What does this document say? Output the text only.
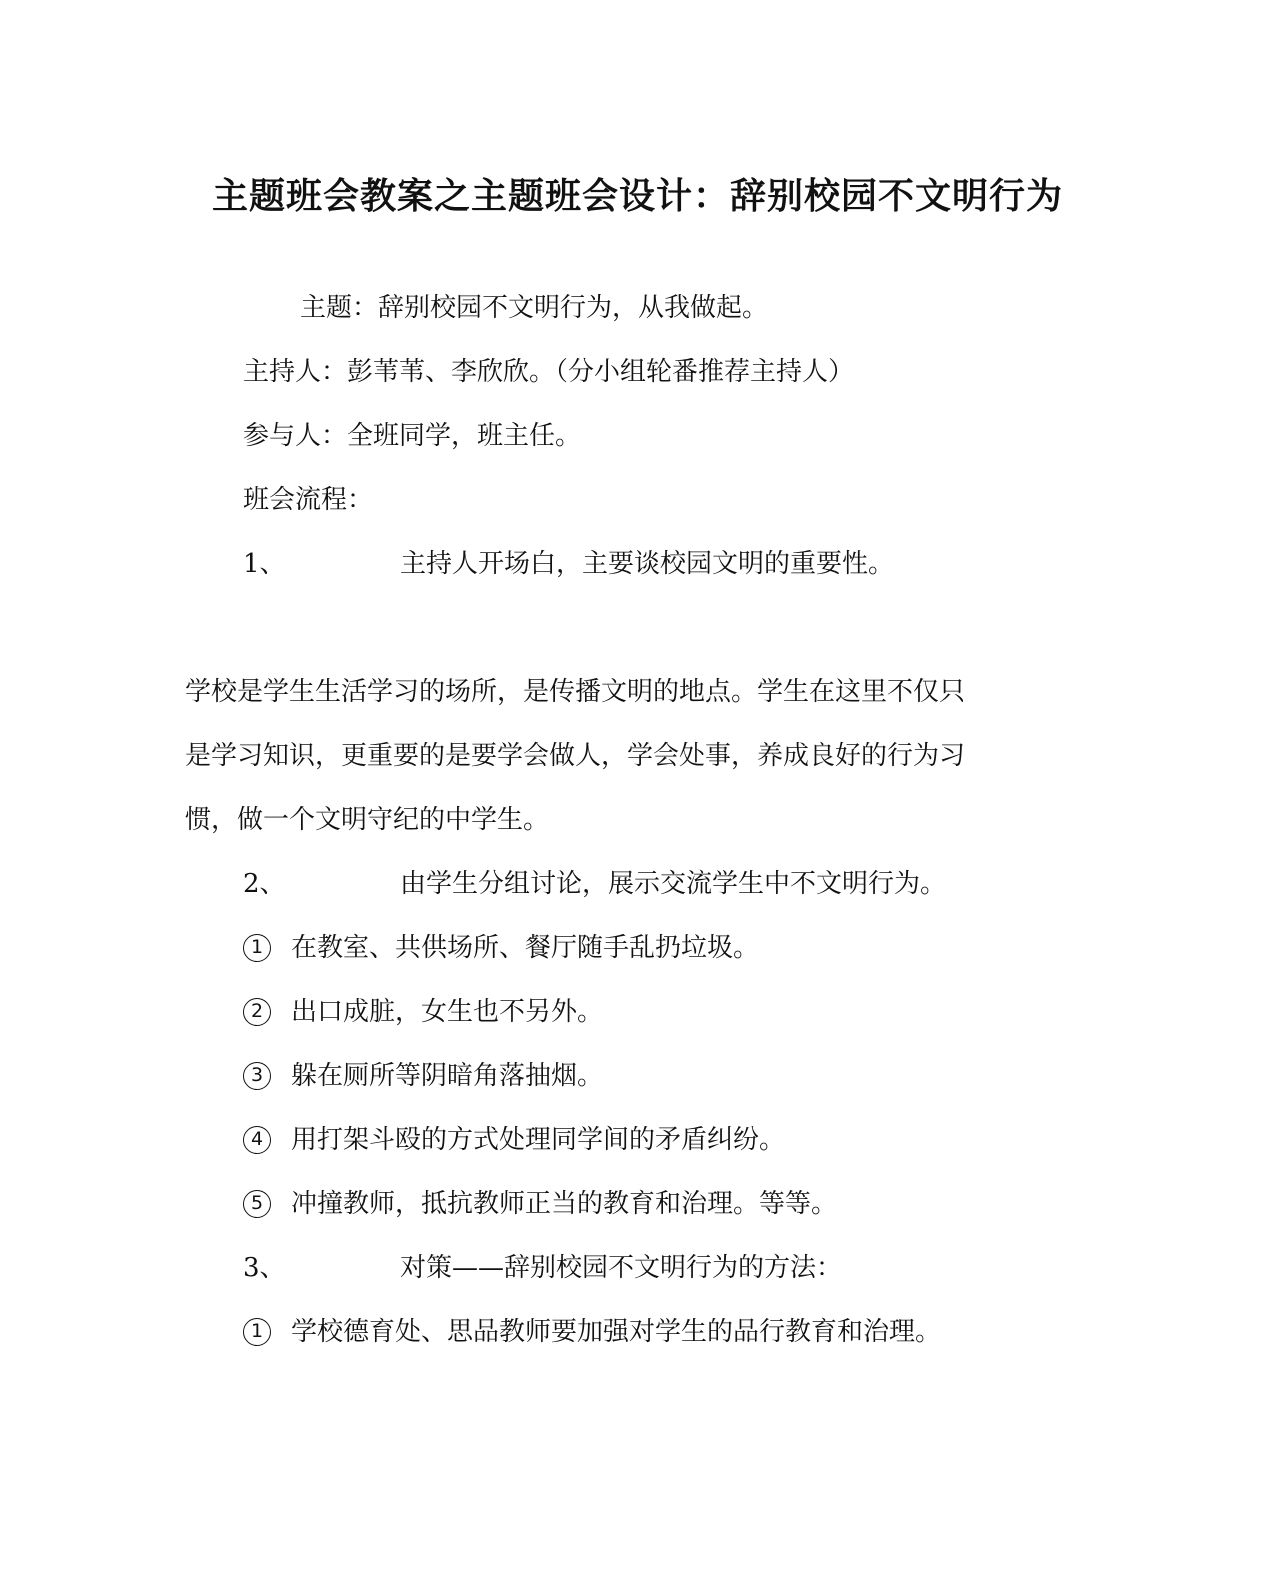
主题班会教案之主题班会设计：辞别校园不文明行为
主题：辞别校园不文明行为，从我做起。
主持人：彭苇苇、李欣欣。（分小组轮番推荐主持人）
参与人：全班同学，班主任。
班会流程：
1、	主持人开场白，主要谈校园文明的重要性。
学校是学生生活学习的场所，是传播文明的地点。学生在这里不仅只
是学习知识，更重要的是要学会做人，学会处事，养成良好的行为习
惯，做一个文明守纪的中学生。
2、	由学生分组讨论，展示交流学生中不文明行为。
1	在教室、共供场所、餐厅随手乱扔垃圾。
2	出口成脏，女生也不另外。
3	躲在厕所等阴暗角落抽烟。
4	用打架斗殴的方式处理同学间的矛盾纠纷。
5	冲撞教师，抵抗教师正当的教育和治理。等等。
3、	对策——辞别校园不文明行为的方法：
1	学校德育处、思品教师要加强对学生的品行教育和治理。
